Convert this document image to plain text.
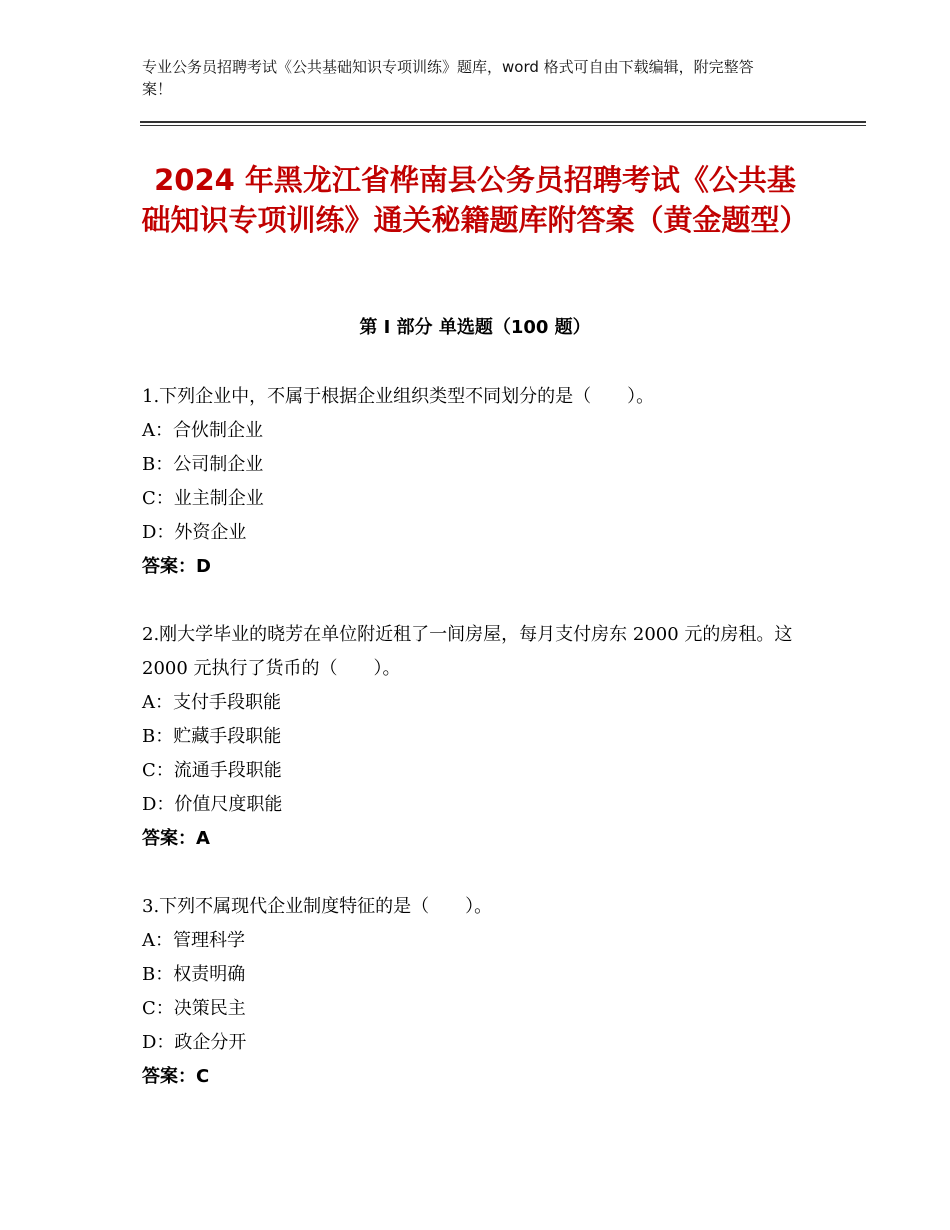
专业公务员招聘考试《公共基础知识专项训练》题库，word 格式可自由下载编辑，附完整答案！
2024 年黑龙江省桦南县公务员招聘考试《公共基础知识专项训练》通关秘籍题库附答案（黄金题型）
第 I 部分 单选题（100 题）

1.下列企业中，不属于根据企业组织类型不同划分的是（　　）。

A：合伙制企业

B：公司制企业

C：业主制企业

D：外资企业

答案：D

2.刚大学毕业的晓芳在单位附近租了一间房屋，每月支付房东 2000 元的房租。这 2000 元执行了货币的（　　）。

A：支付手段职能

B：贮藏手段职能

C：流通手段职能

D：价值尺度职能

答案：A

3.下列不属现代企业制度特征的是（　　）。

A：管理科学

B：权责明确

C：决策民主

D：政企分开

答案：C
